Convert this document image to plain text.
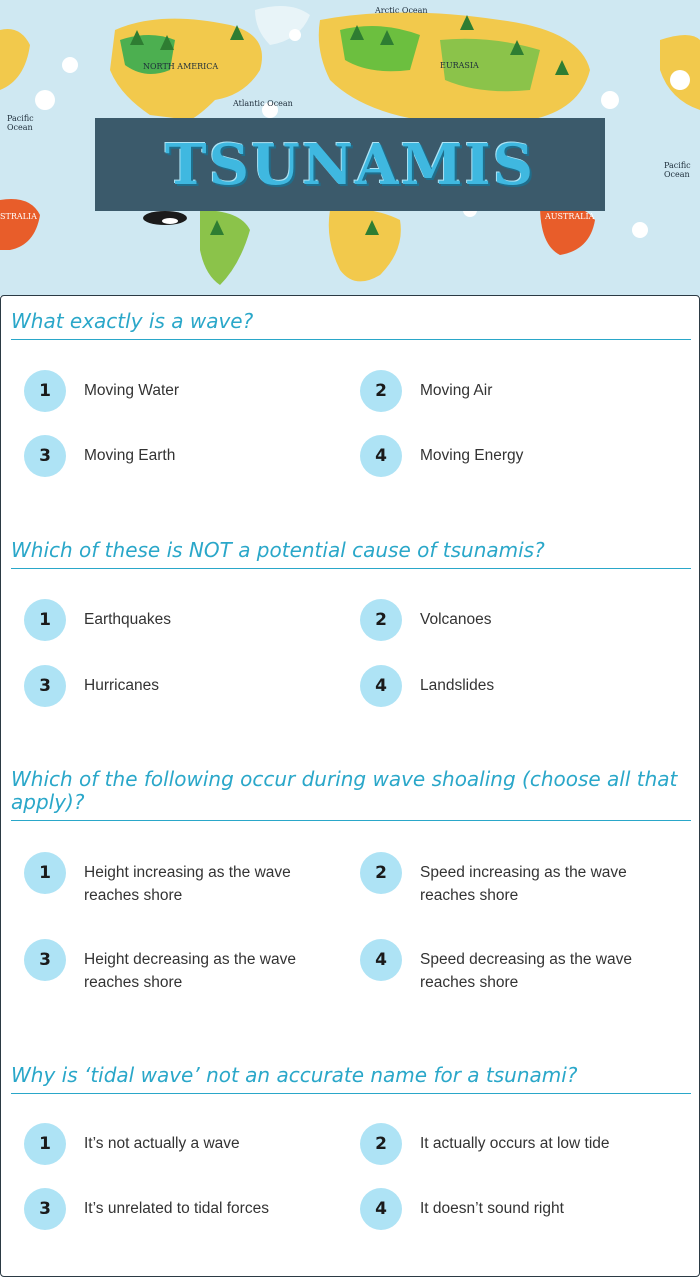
Arctic Ocean
NORTH AMERICA	EURASIA
Atlantic Ocean
Pacific Ocean
Pacific Ocean
STRALIA	AUSTRALIA
TSUNAMIS
What exactly is a wave?
1	Moving Water	2	Moving Air
3	Moving Earth	4	Moving Energy
Which of these is NOT a potential cause of tsunamis?
1	Earthquakes	2	Volcanoes
3	Hurricanes	4	Landslides
Which of the following occur during wave shoaling (choose all that apply)?
1	Height increasing as the wave reaches shore
2	Speed increasing as the wave reaches shore
3	Height decreasing as the wave reaches shore
4	Speed decreasing as the wave reaches shore
Why is ‘tidal wave’ not an accurate name for a tsunami?
1	It’s not actually a wave	2	It actually occurs at low tide
3	It’s unrelated to tidal forces	4	It doesn’t sound right
